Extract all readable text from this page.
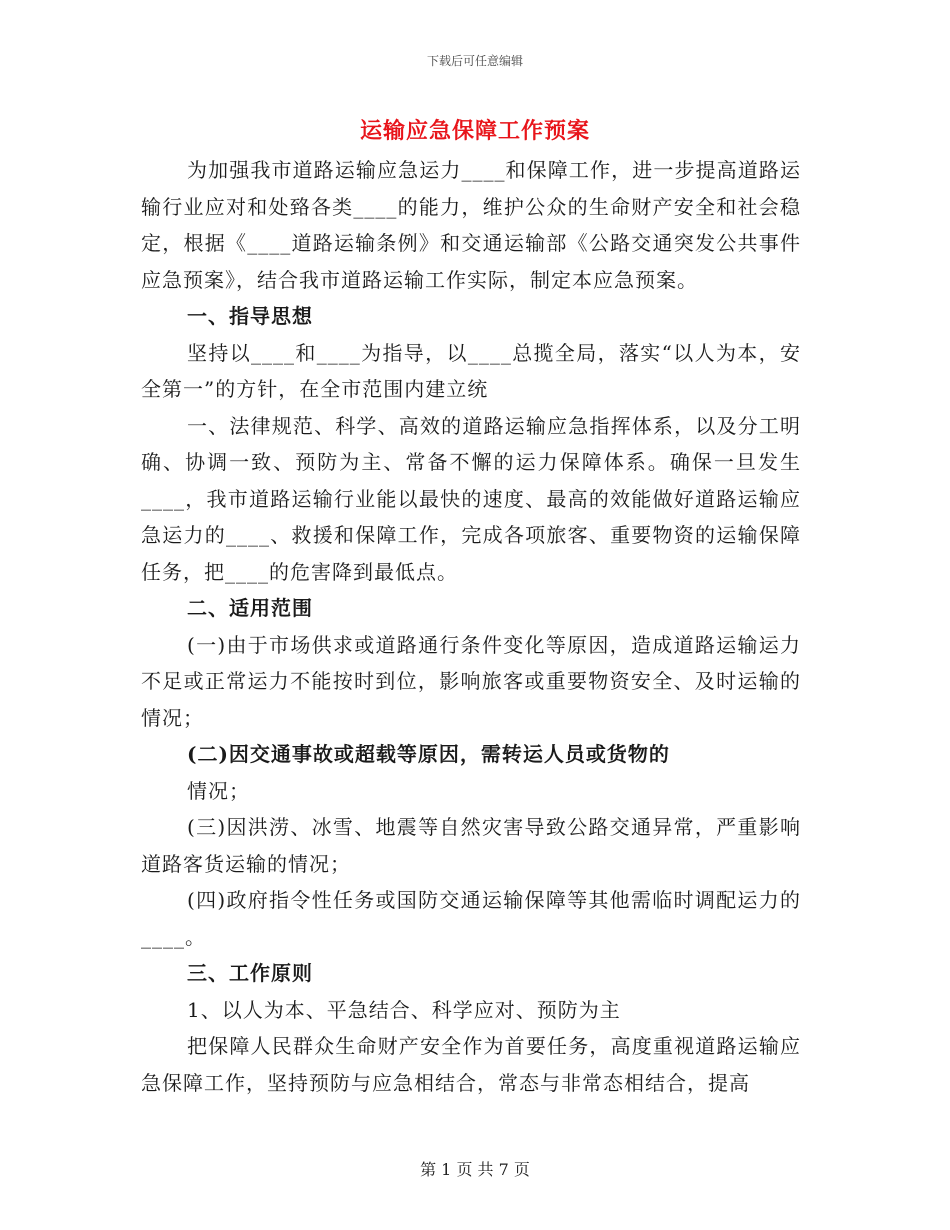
下载后可任意编辑
运输应急保障工作预案

为加强我市道路运输应急运力____和保障工作，进一步提高道路运输行业应对和处臵各类____的能力，维护公众的生命财产安全和社会稳定，根据《____道路运输条例》和交通运输部《公路交通突发公共事件应急预案》，结合我市道路运输工作实际，制定本应急预案。

一、指导思想

坚持以____和____为指导，以____总揽全局，落实“以人为本，安全第一”的方针，在全市范围内建立统

一、法律规范、科学、高效的道路运输应急指挥体系，以及分工明确、协调一致、预防为主、常备不懈的运力保障体系。确保一旦发生____，我市道路运输行业能以最快的速度、最高的效能做好道路运输应急运力的____、救援和保障工作，完成各项旅客、重要物资的运输保障任务，把____的危害降到最低点。

二、适用范围

(一)由于市场供求或道路通行条件变化等原因，造成道路运输运力不足或正常运力不能按时到位，影响旅客或重要物资安全、及时运输的情况；

(二)因交通事故或超载等原因，需转运人员或货物的

情况；

(三)因洪涝、冰雪、地震等自然灾害导致公路交通异常，严重影响道路客货运输的情况；

(四)政府指令性任务或国防交通运输保障等其他需临时调配运力的____。

三、工作原则

1、以人为本、平急结合、科学应对、预防为主

把保障人民群众生命财产安全作为首要任务，高度重视道路运输应急保障工作，坚持预防与应急相结合，常态与非常态相结合，提高

第 1 页 共 7 页
